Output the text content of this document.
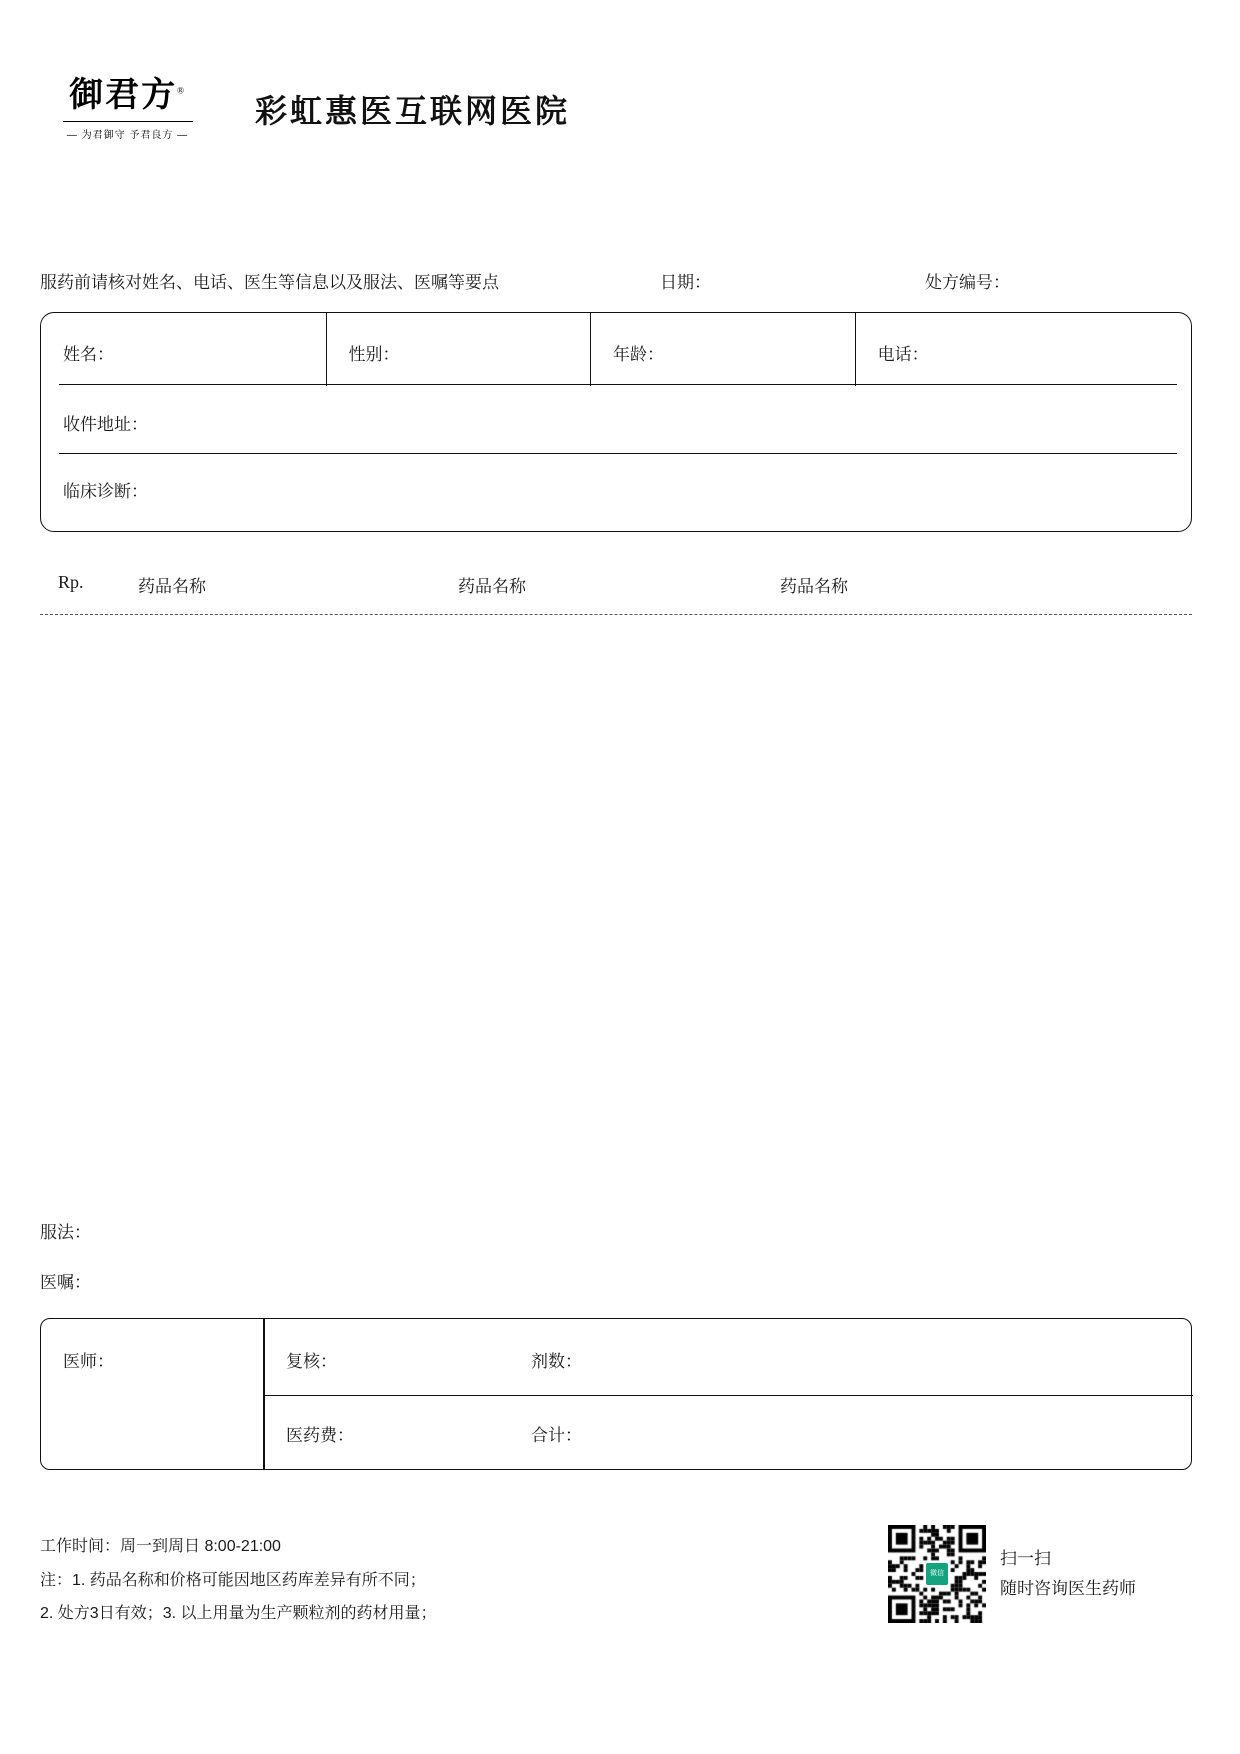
御君方®
— 为君御守 予君良方 —
彩虹惠医互联网医院
服药前请核对姓名、电话、医生等信息以及服法、医嘱等要点	日期：	处方编号：
姓名：	性别：	年龄：	电话：
收件地址：
临床诊断：
Rp.	药品名称	药品名称	药品名称
服法：
医嘱：
医师：	复核：	剂数：
医药费：	合计：
工作时间：周一到周日 8:00-21:00
注：1. 药品名称和价格可能因地区药库差异有所不同；
2. 处方3日有效；3. 以上用量为生产颗粒剂的药材用量；
微信
扫一扫
随时咨询医生药师
